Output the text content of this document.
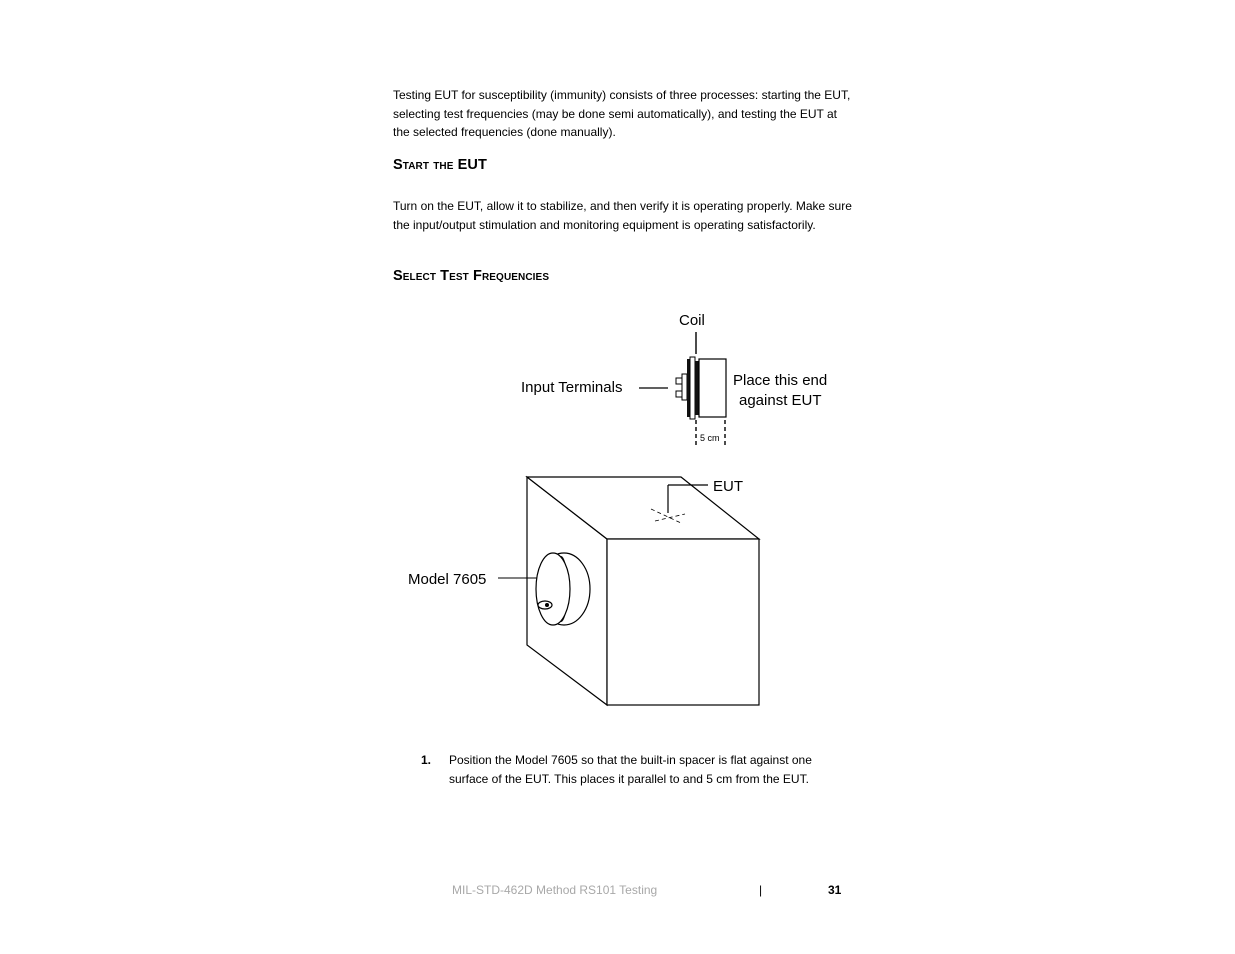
Testing EUT for susceptibility (immunity) consists of three processes: starting the EUT, selecting test frequencies (may be done semi automatically), and testing the EUT at the selected frequencies (done manually).

Start the EUT

Turn on the EUT, allow it to stabilize, and then verify it is operating properly. Make sure the input/output stimulation and monitoring equipment is operating satisfactorily.

Select Test Frequencies
Coil
Input Terminals	Place this end
against EUT
5 cm
EUT
Model 7605
1. Position the Model 7605 so that the built-in spacer is flat against one surface of the EUT. This places it parallel to and 5 cm from the EUT.
MIL-STD-462D Method RS101 Testing	|	31
